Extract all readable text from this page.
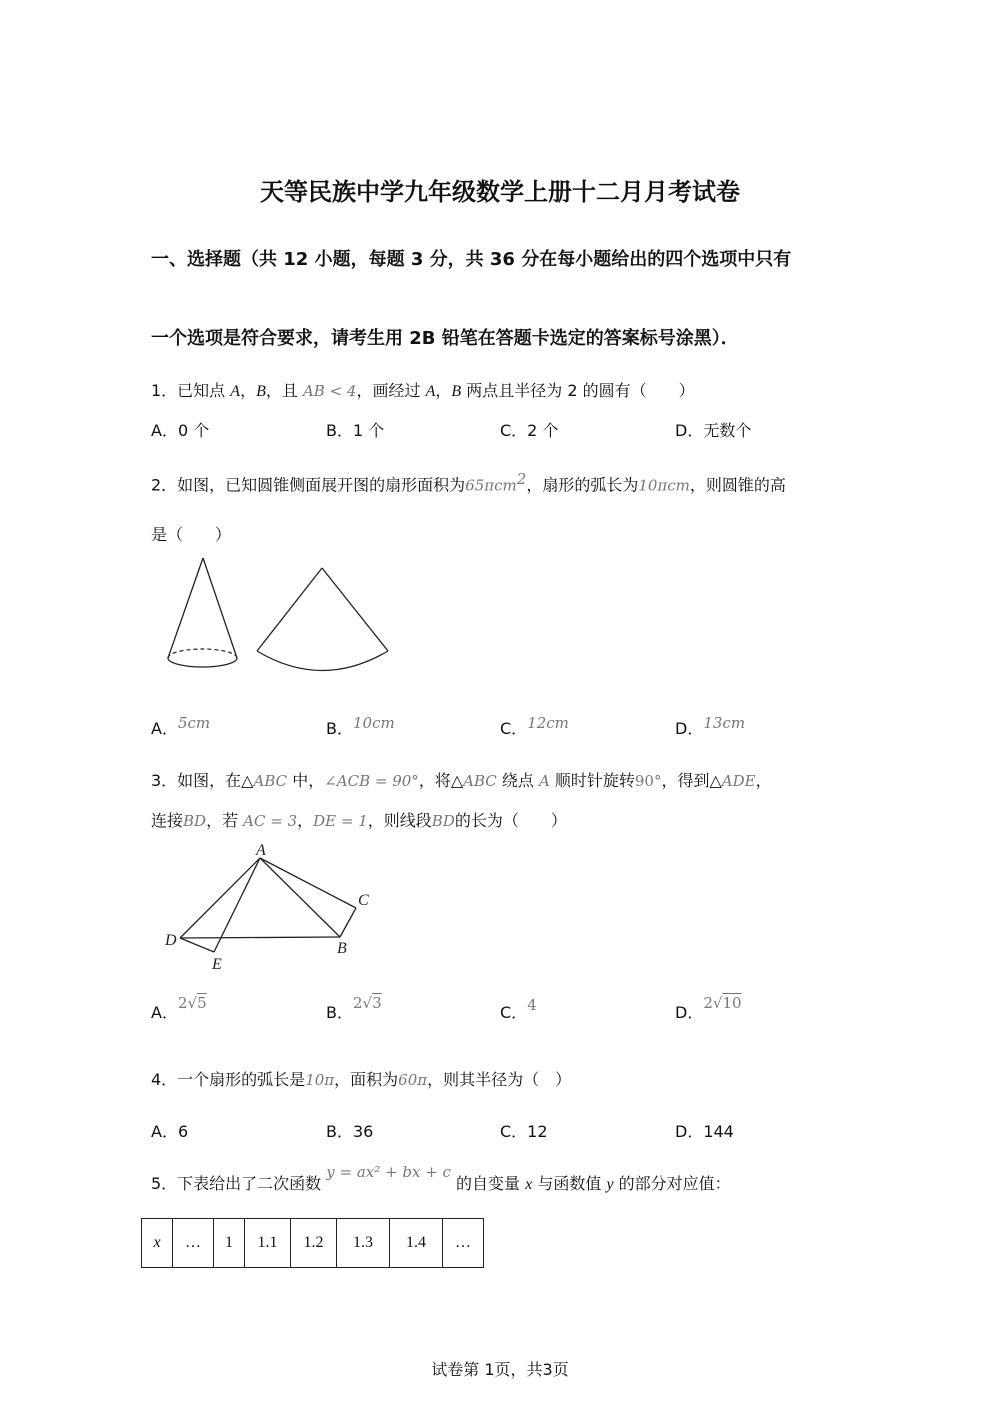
天等民族中学九年级数学上册十二月月考试卷
一、选择题（共 12 小题，每题 3 分，共 36 分在每小题给出的四个选项中只有
一个选项是符合要求，请考生用 2B 铅笔在答题卡选定的答案标号涂黑）．
1．已知点 A，B，且 AB < 4，画经过 A，B 两点且半径为 2 的圆有（　　）
A．0 个	B．1 个	C．2 个	D．无数个
2．如图，已知圆锥侧面展开图的扇形面积为65πcm$^2$，扇形的弧长为10πcm，则圆锥的高
是（　　）
A．5cm	B．10cm	C．12cm	D．13cm
3．如图，在△ABC 中，∠ACB = 90°，将△ABC 绕点 A 顺时针旋转90°，得到△ADE，
连接BD，若 AC = 3，DE = 1，则线段BD的长为（　　）
A
C
D	B
E
A．2√5	B．2√3	C．4	D．2√10
4．一个扇形的弧长是10π，面积为60π，则其半径为（　）
A．6	B．36	C．12	D．144
5．下表给出了二次函数 y = ax² + bx + c 的自变量 x 与函数值 y 的部分对应值：
x	…	1	1.1	1.2	1.3	1.4	…
试卷第 1页，共3页
